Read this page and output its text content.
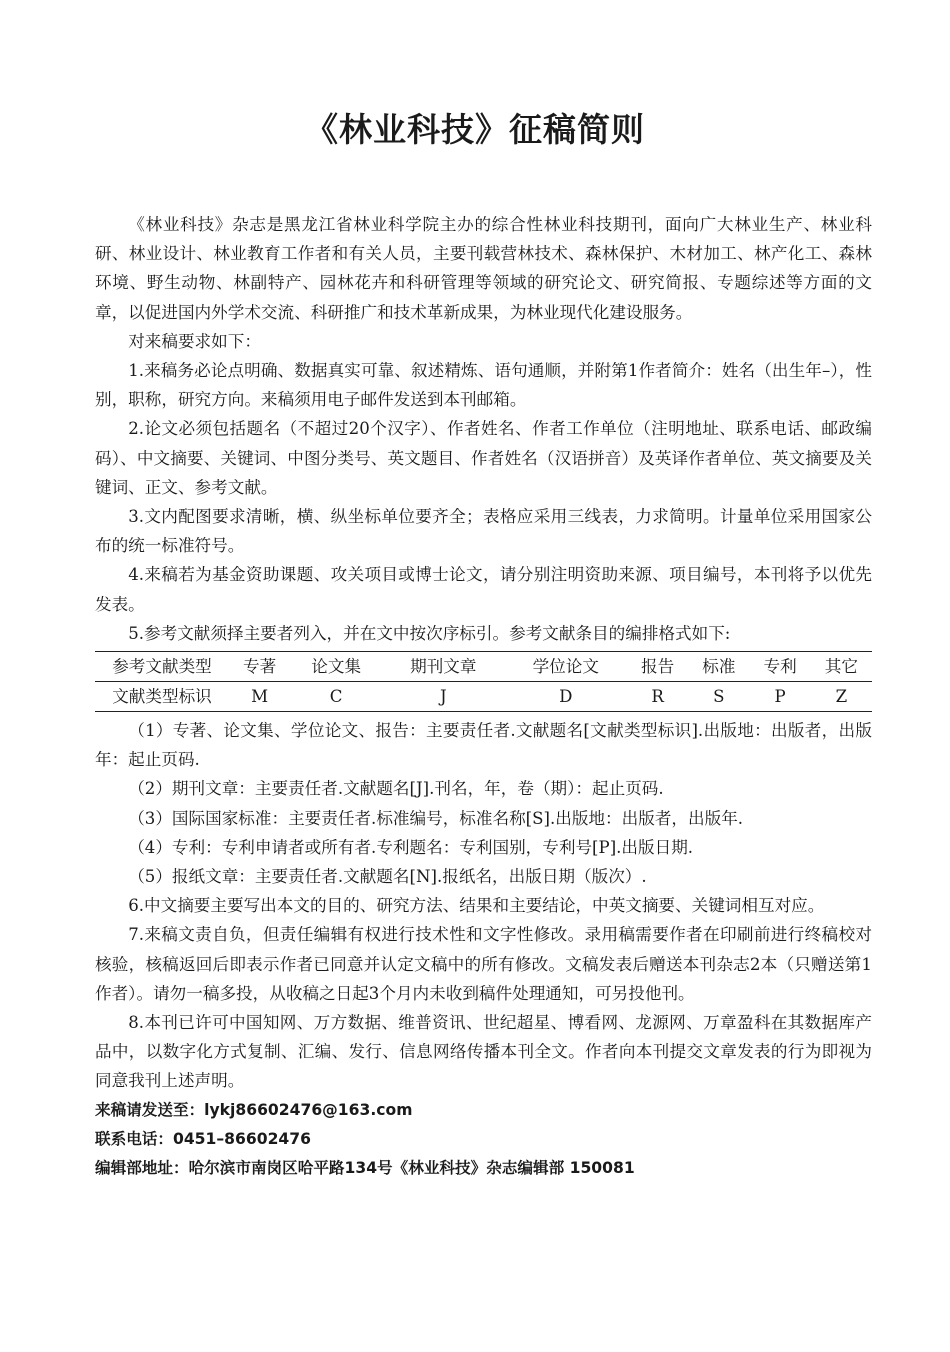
《林业科技》征稿简则

《林业科技》杂志是黑龙江省林业科学院主办的综合性林业科技期刊，面向广大林业生产、林业科研、林业设计、林业教育工作者和有关人员，主要刊载营林技术、森林保护、木材加工、林产化工、森林环境、野生动物、林副特产、园林花卉和科研管理等领域的研究论文、研究简报、专题综述等方面的文章，以促进国内外学术交流、科研推广和技术革新成果，为林业现代化建设服务。

对来稿要求如下：

1.来稿务必论点明确、数据真实可靠、叙述精炼、语句通顺，并附第1作者简介：姓名（出生年–），性别，职称，研究方向。来稿须用电子邮件发送到本刊邮箱。

2.论文必须包括题名（不超过20个汉字）、作者姓名、作者工作单位（注明地址、联系电话、邮政编码）、中文摘要、关键词、中图分类号、英文题目、作者姓名（汉语拼音）及英译作者单位、英文摘要及关键词、正文、参考文献。

3.文内配图要求清晰，横、纵坐标单位要齐全；表格应采用三线表，力求简明。计量单位采用国家公布的统一标准符号。

4.来稿若为基金资助课题、攻关项目或博士论文，请分别注明资助来源、项目编号，本刊将予以优先发表。

5.参考文献须择主要者列入，并在文中按次序标引。参考文献条目的编排格式如下:

参考文献类型	专著	论文集	期刊文章	学位论文	报告	标准	专利	其它
文献类型标识	M	C	J	D	R	S	P	Z

（1）专著、论文集、学位论文、报告：主要责任者.文献题名[文献类型标识].出版地：出版者，出版年：起止页码.

（2）期刊文章：主要责任者.文献题名[J].刊名，年，卷（期）：起止页码.

（3）国际国家标准：主要责任者.标准编号，标准名称[S].出版地：出版者，出版年.

（4）专利：专利申请者或所有者.专利题名：专利国别，专利号[P].出版日期.

（5）报纸文章：主要责任者.文献题名[N].报纸名，出版日期（版次）.

6.中文摘要主要写出本文的目的、研究方法、结果和主要结论，中英文摘要、关键词相互对应。

7.来稿文责自负，但责任编辑有权进行技术性和文字性修改。录用稿需要作者在印刷前进行终稿校对核验，核稿返回后即表示作者已同意并认定文稿中的所有修改。文稿发表后赠送本刊杂志2本（只赠送第1作者）。请勿一稿多投，从收稿之日起3个月内未收到稿件处理通知，可另投他刊。

8.本刊已许可中国知网、万方数据、维普资讯、世纪超星、博看网、龙源网、万章盈科在其数据库产品中，以数字化方式复制、汇编、发行、信息网络传播本刊全文。作者向本刊提交文章发表的行为即视为同意我刊上述声明。

来稿请发送至：lykj86602476@163.com

联系电话：0451–86602476

编辑部地址：哈尔滨市南岗区哈平路134号《林业科技》杂志编辑部 150081
